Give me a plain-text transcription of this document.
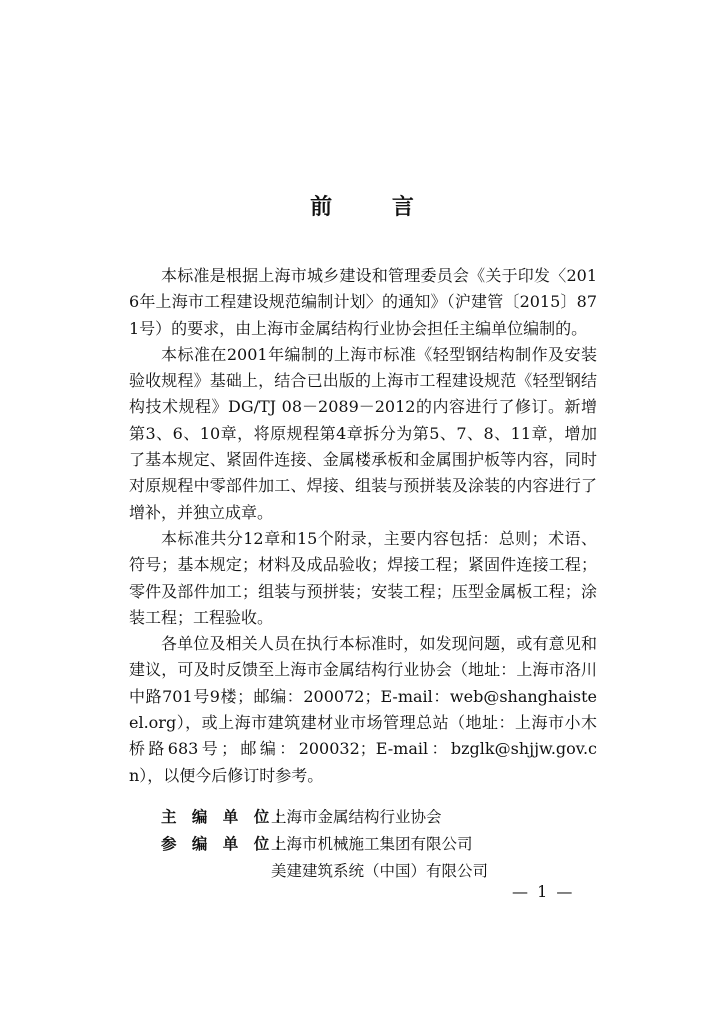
前 言

本标准是根据上海市城乡建设和管理委员会《关于印发〈2016年上海市工程建设规范编制计划〉的通知》（沪建管〔2015〕871号）的要求，由上海市金属结构行业协会担任主编单位编制的。

本标准在2001年编制的上海市标准《轻型钢结构制作及安装验收规程》基础上，结合已出版的上海市工程建设规范《轻型钢结构技术规程》DG/TJ 08－2089－2012的内容进行了修订。新增第3、6、10章，将原规程第4章拆分为第5、7、8、11章，增加了基本规定、紧固件连接、金属楼承板和金属围护板等内容，同时对原规程中零部件加工、焊接、组装与预拼装及涂装的内容进行了增补，并独立成章。

本标准共分12章和15个附录，主要内容包括：总则；术语、符号；基本规定；材料及成品验收；焊接工程；紧固件连接工程；零件及部件加工；组装与预拼装；安装工程；压型金属板工程；涂装工程；工程验收。

各单位及相关人员在执行本标准时，如发现问题，或有意见和建议，可及时反馈至上海市金属结构行业协会（地址：上海市洛川中路701号9楼；邮编：200072；E-mail：web@shanghaisteel.org），或上海市建筑建材业市场管理总站（地址：上海市小木桥路683号；邮编：200032；E-mail：bzglk@shjjw.gov.cn），以便今后修订时参考。

主 编 单 位：上海市金属结构行业协会
参 编 单 位：上海市机械施工集团有限公司
美建建筑系统（中国）有限公司
— 1 —
